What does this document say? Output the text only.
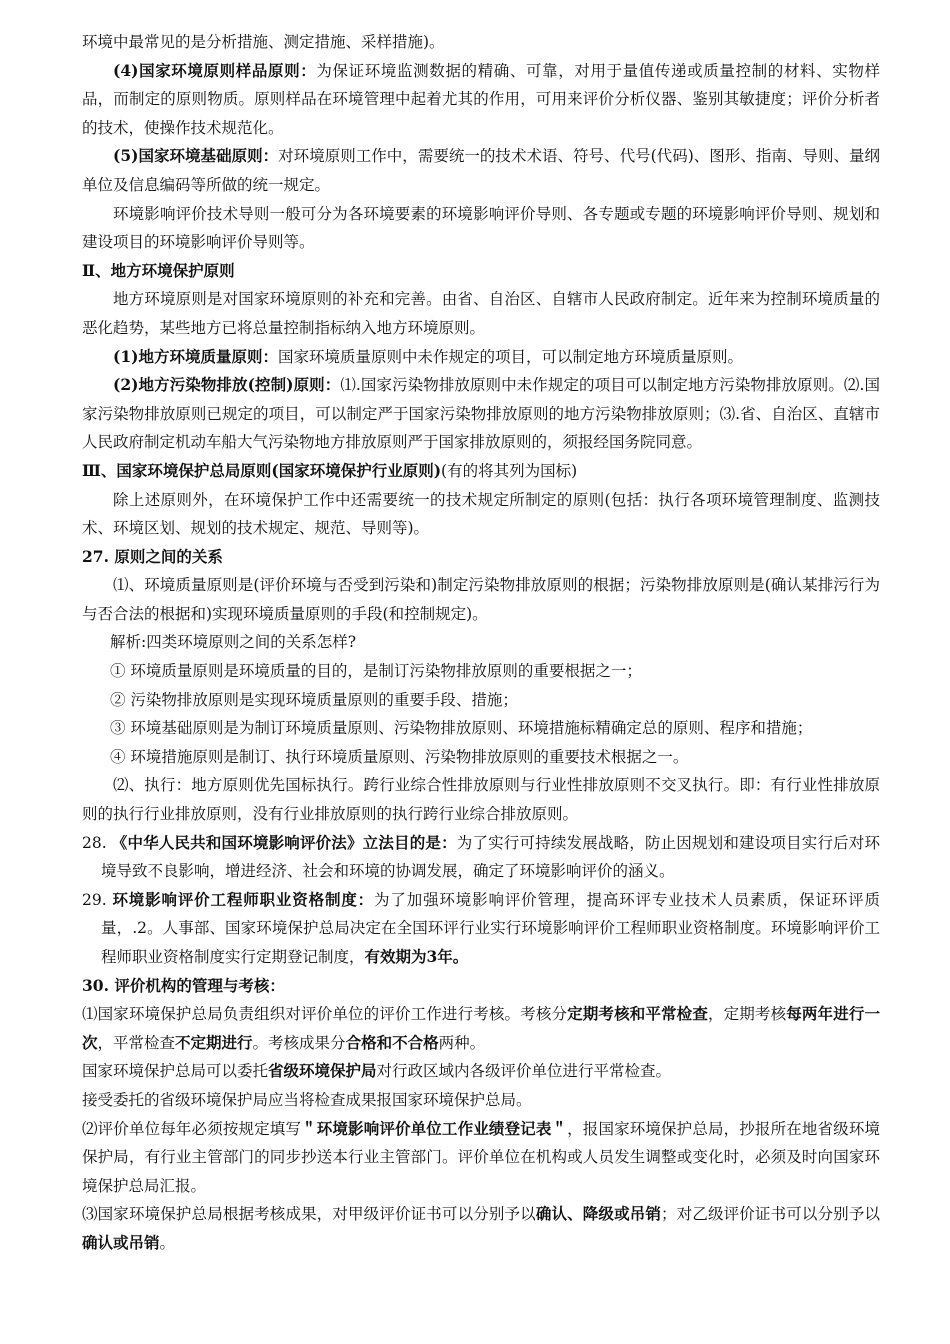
环境中最常见的是分析措施、测定措施、采样措施)。

(4)国家环境原则样品原则：为保证环境监测数据的精确、可靠，对用于量值传递或质量控制的材料、实物样品，而制定的原则物质。原则样品在环境管理中起着尤其的作用，可用来评价分析仪器、鉴别其敏捷度；评价分析者的技术，使操作技术规范化。

(5)国家环境基础原则：对环境原则工作中，需要统一的技术术语、符号、代号(代码)、图形、指南、导则、量纲单位及信息编码等所做的统一规定。

环境影响评价技术导则一般可分为各环境要素的环境影响评价导则、各专题或专题的环境影响评价导则、规划和建设项目的环境影响评价导则等。

Ⅱ、地方环境保护原则

地方环境原则是对国家环境原则的补充和完善。由省、自治区、自辖市人民政府制定。近年来为控制环境质量的恶化趋势，某些地方已将总量控制指标纳入地方环境原则。

(1)地方环境质量原则：国家环境质量原则中未作规定的项目，可以制定地方环境质量原则。

(2)地方污染物排放(控制)原则：⑴.国家污染物排放原则中未作规定的项目可以制定地方污染物排放原则。⑵.国家污染物排放原则已规定的项目，可以制定严于国家污染物排放原则的地方污染物排放原则；⑶.省、自治区、直辖市人民政府制定机动车船大气污染物地方排放原则严于国家排放原则的，须报经国务院同意。

Ⅲ、国家环境保护总局原则(国家环境保护行业原则)(有的将其列为国标)

除上述原则外，在环境保护工作中还需要统一的技术规定所制定的原则(包括：执行各项环境管理制度、监测技术、环境区划、规划的技术规定、规范、导则等)。

27. 原则之间的关系

⑴、环境质量原则是(评价环境与否受到污染和)制定污染物排放原则的根据；污染物排放原则是(确认某排污行为与否合法的根据和)实现环境质量原则的手段(和控制规定)。

解析:四类环境原则之间的关系怎样?

① 环境质量原则是环境质量的目的，是制订污染物排放原则的重要根据之一；

② 污染物排放原则是实现环境质量原则的重要手段、措施；

③ 环境基础原则是为制订环境质量原则、污染物排放原则、环境措施标精确定总的原则、程序和措施；

④ 环境措施原则是制订、执行环境质量原则、污染物排放原则的重要技术根据之一。

⑵、执行：地方原则优先国标执行。跨行业综合性排放原则与行业性排放原则不交叉执行。即：有行业性排放原则的执行行业排放原则，没有行业排放原则的执行跨行业综合排放原则。

28. 《中华人民共和国环境影响评价法》立法目的是：为了实行可持续发展战略，防止因规划和建设项目实行后对环境导致不良影响，增进经济、社会和环境的协调发展，确定了环境影响评价的涵义。

29. 环境影响评价工程师职业资格制度：为了加强环境影响评价管理，提高环评专业技术人员素质，保证环评质量，.2。人事部、国家环境保护总局决定在全国环评行业实行环境影响评价工程师职业资格制度。环境影响评价工程师职业资格制度实行定期登记制度，有效期为3年。

30. 评价机构的管理与考核：

⑴国家环境保护总局负责组织对评价单位的评价工作进行考核。考核分定期考核和平常检查，定期考核每两年进行一次，平常检查不定期进行。考核成果分合格和不合格两种。

国家环境保护总局可以委托省级环境保护局对行政区域内各级评价单位进行平常检查。

接受委托的省级环境保护局应当将检查成果报国家环境保护总局。

⑵评价单位每年必须按规定填写＂环境影响评价单位工作业绩登记表＂，报国家环境保护总局，抄报所在地省级环境保护局，有行业主管部门的同步抄送本行业主管部门。评价单位在机构或人员发生调整或变化时，必须及时向国家环境保护总局汇报。

⑶国家环境保护总局根据考核成果，对甲级评价证书可以分别予以确认、降级或吊销；对乙级评价证书可以分别予以确认或吊销。
